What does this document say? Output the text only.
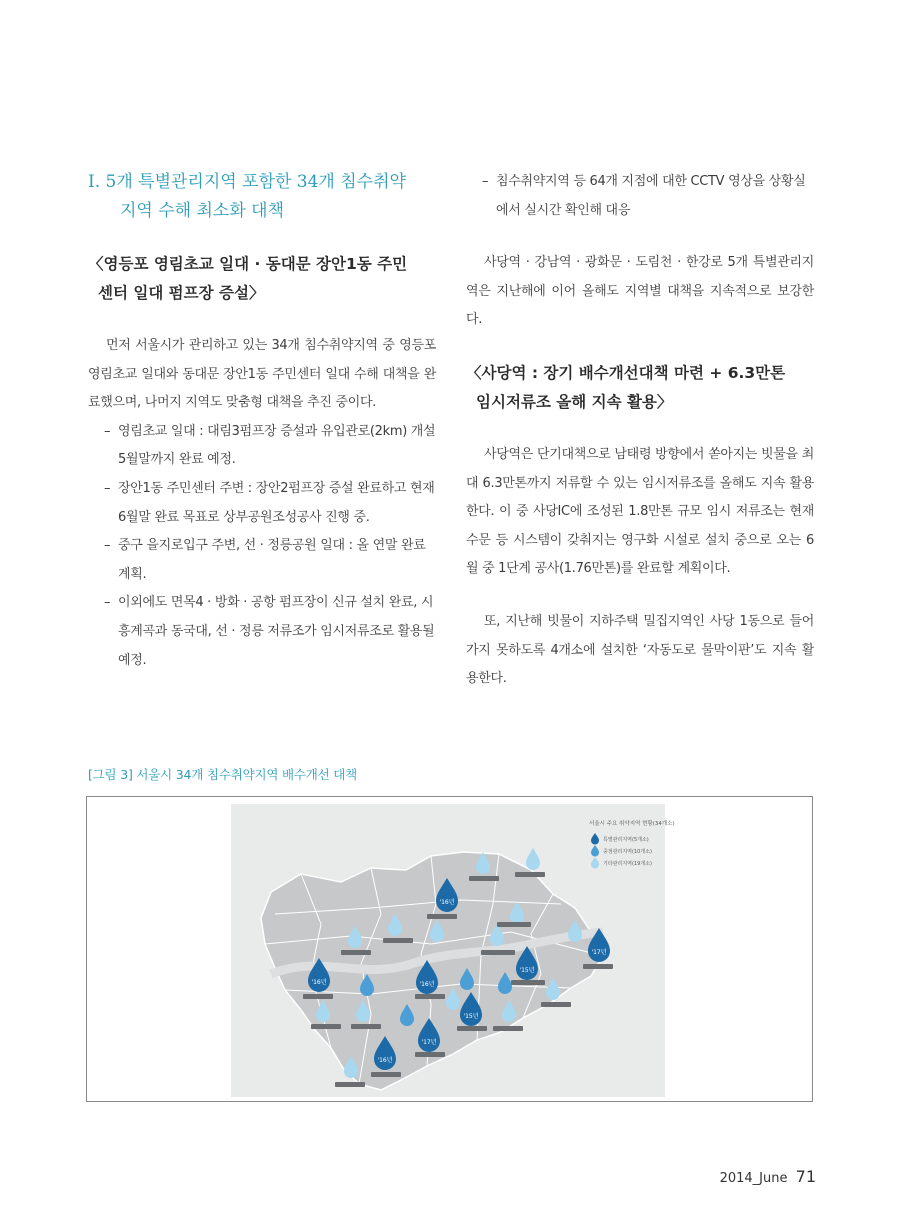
Ⅰ. 5개 특별관리지역 포함한 34개 침수취약
지역 수해 최소화 대책
〈영등포 영림초교 일대 · 동대문 장안1동 주민
센터 일대 펌프장 증설〉

먼저 서울시가 관리하고 있는 34개 침수취약지역 중 영등포 영림초교 일대와 동대문 장안1동 주민센터 일대 수해 대책을 완료했으며, 나머지 지역도 맞춤형 대책을 추진 중이다.

– 영림초교 일대 : 대림3펌프장 증설과 유입관로(2km) 개설 5월말까지 완료 예정.
– 장안1동 주민센터 주변 : 장안2펌프장 증설 완료하고 현재 6월말 완료 목표로 상부공원조성공사 진행 중.
– 중구 을지로입구 주변, 선 · 정릉공원 일대 : 올 연말 완료 계획.
– 이외에도 면목4 · 방화 · 공항 펌프장이 신규 설치 완료, 시흥계곡과 동국대, 선 · 정릉 저류조가 임시저류조로 활용될 예정.
– 침수취약지역 등 64개 지점에 대한 CCTV 영상을 상황실에서 실시간 확인해 대응

사당역 · 강남역 · 광화문 · 도림천 · 한강로 5개 특별관리지역은 지난해에 이어 올해도 지역별 대책을 지속적으로 보강한다.

〈사당역 : 장기 배수개선대책 마련 + 6.3만톤
임시저류조 올해 지속 활용〉

사당역은 단기대책으로 남태령 방향에서 쏟아지는 빗물을 최대 6.3만톤까지 저류할 수 있는 임시저류조를 올해도 지속 활용한다. 이 중 사당IC에 조성된 1.8만톤 규모 임시 저류조는 현재 수문 등 시스템이 갖춰지는 영구화 시설로 설치 중으로 오는 6월 중 1단계 공사(1.76만톤)를 완료할 계획이다.

또, 지난해 빗물이 지하주택 밀집지역인 사당 1동으로 들어가지 못하도록 4개소에 설치한 ‘자동도로 물막이판’도 지속 활용한다.

[그림 3] 서울시 34개 침수취약지역 배수개선 대책
'16년
'16년
'16년
'15년
'17년
'15년
'17년
'16년
서울시 주요 취약지역 현황(34개소)
특별관리지역(5개소)
중점관리지역(10개소)
기타관리지역(19개소)
2014_June 71
